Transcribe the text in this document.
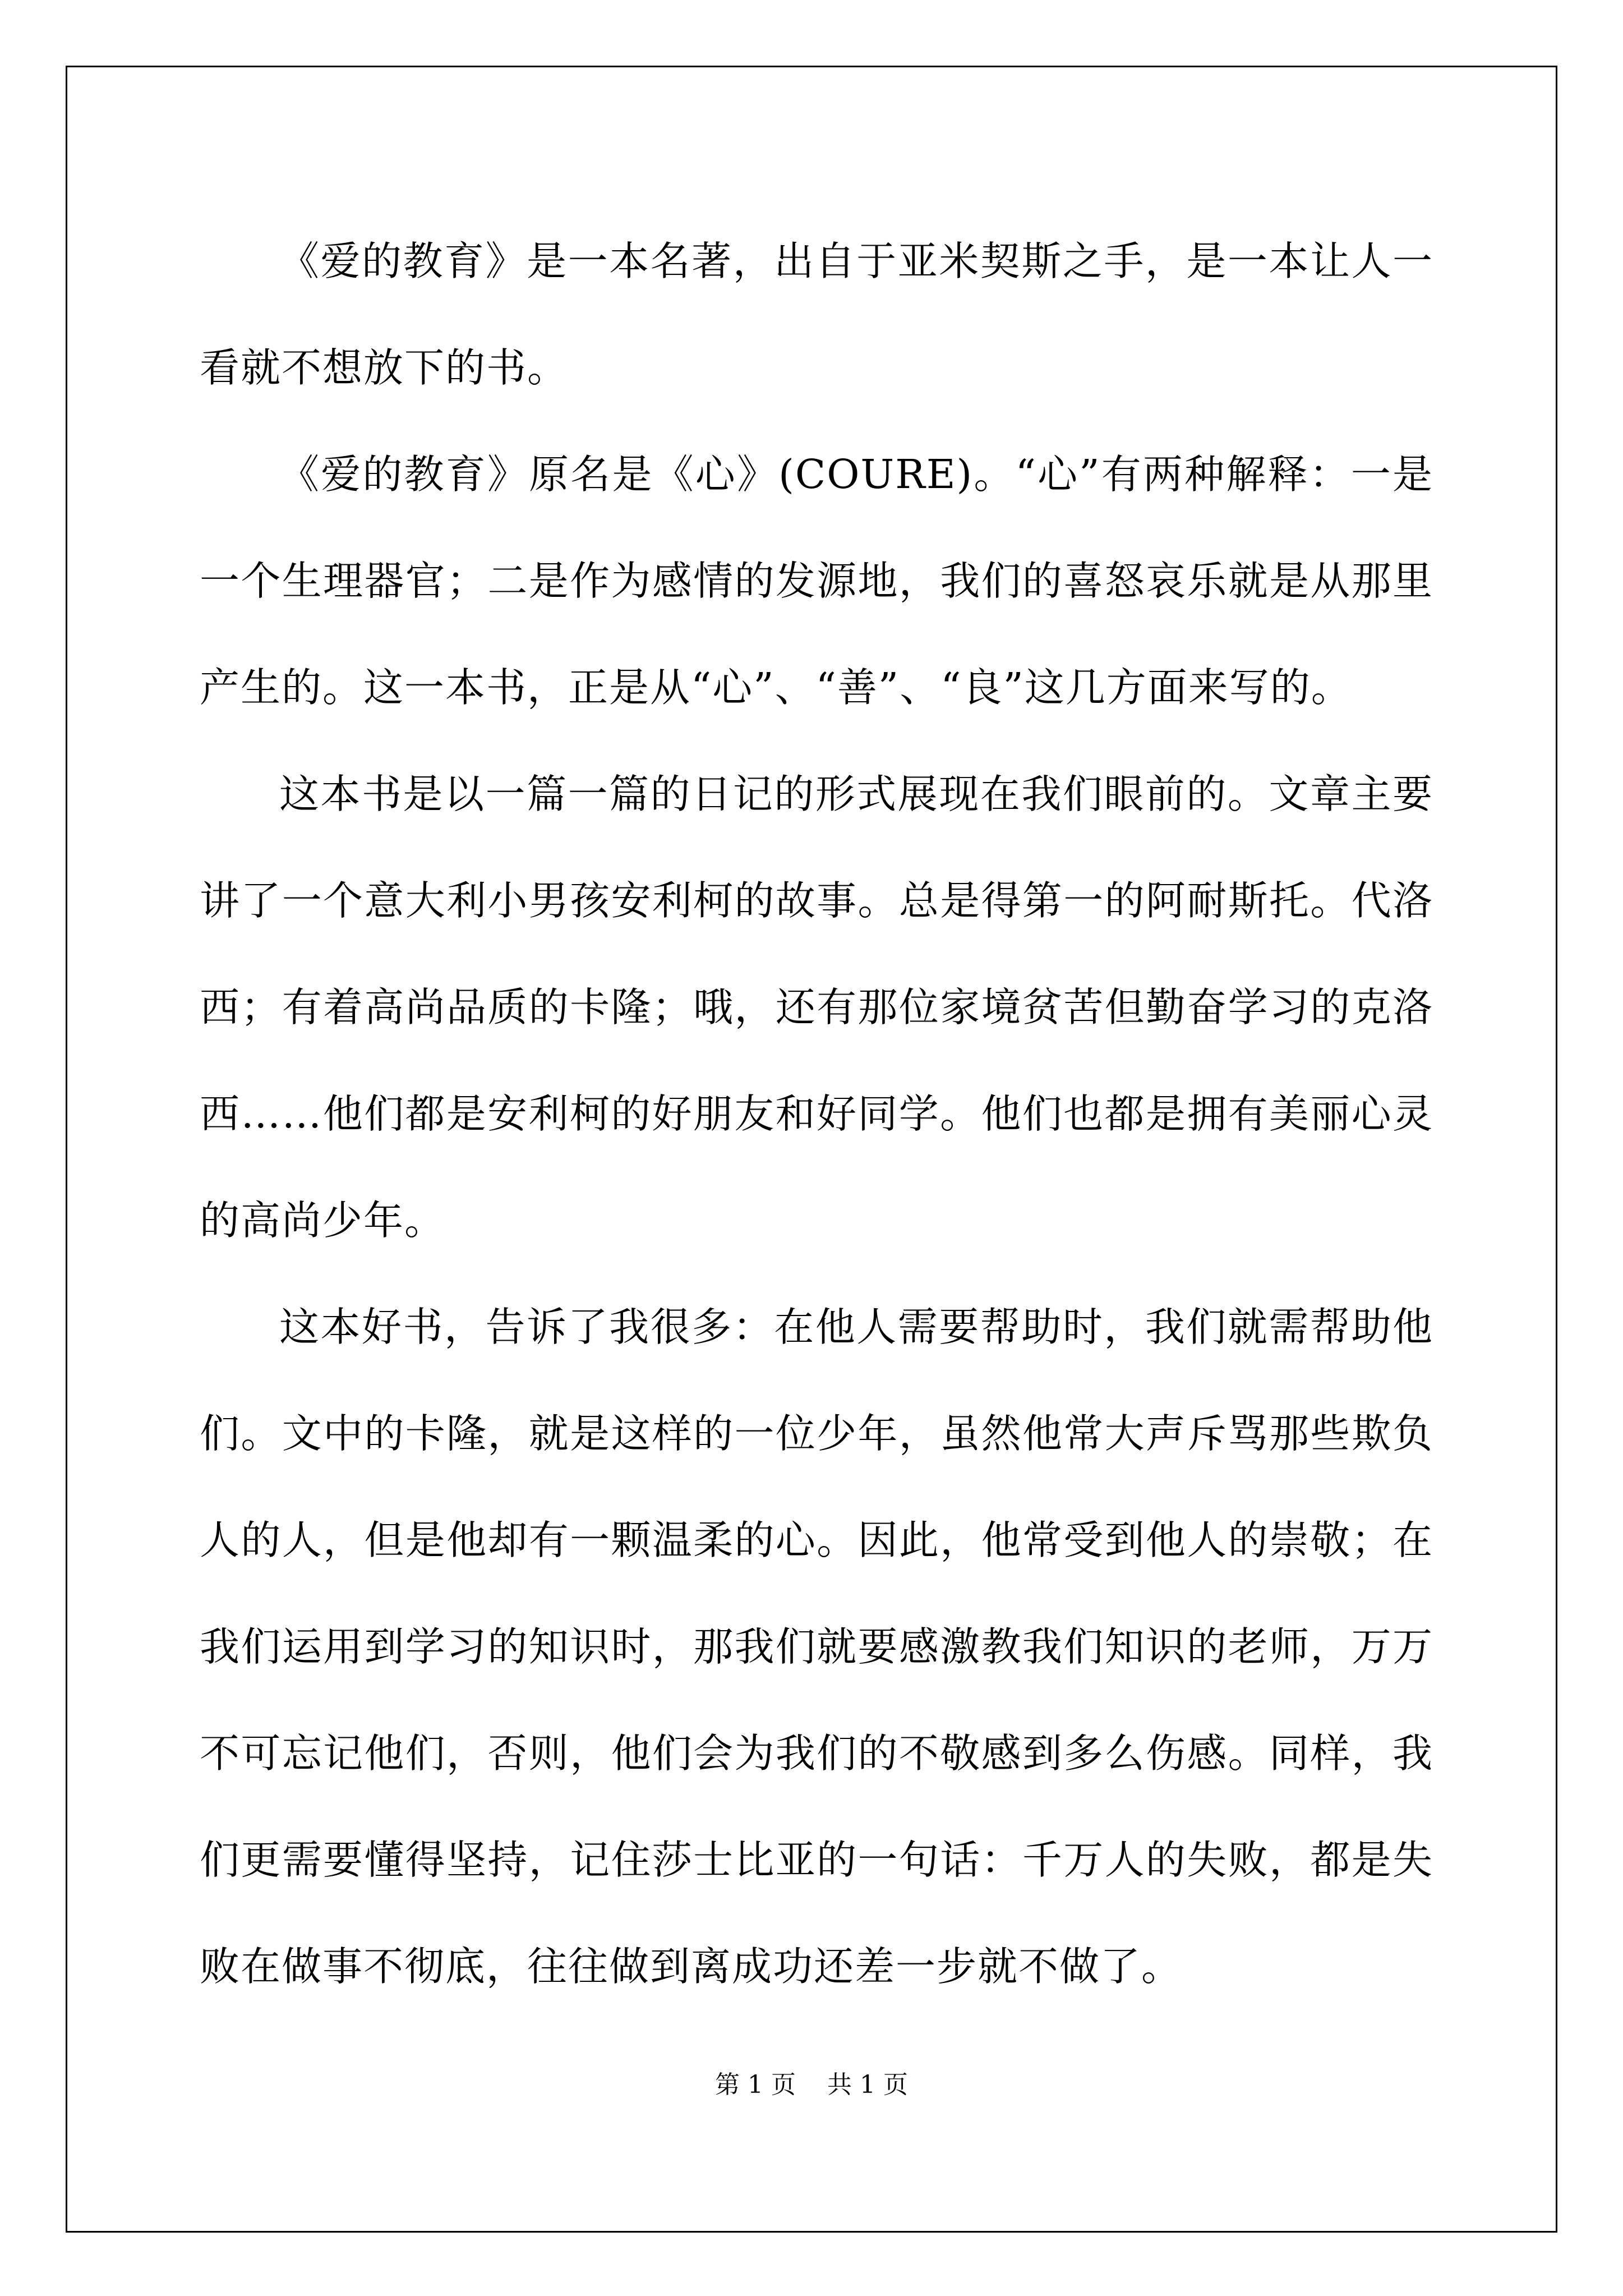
《爱的教育》是一本名著，出自于亚米契斯之手，是一本让人一看就不想放下的书。

《爱的教育》原名是《心》(COURE)。“心”有两种解释：一是一个生理器官；二是作为感情的发源地，我们的喜怒哀乐就是从那里产生的。这一本书，正是从“心”、“善”、“良”这几方面来写的。

这本书是以一篇一篇的日记的形式展现在我们眼前的。文章主要讲了一个意大利小男孩安利柯的故事。总是得第一的阿耐斯托。代洛西；有着高尚品质的卡隆；哦，还有那位家境贫苦但勤奋学习的克洛西……他们都是安利柯的好朋友和好同学。他们也都是拥有美丽心灵的高尚少年。

这本好书，告诉了我很多：在他人需要帮助时，我们就需帮助他们。文中的卡隆，就是这样的一位少年，虽然他常大声斥骂那些欺负人的人，但是他却有一颗温柔的心。因此，他常受到他人的崇敬；在我们运用到学习的知识时，那我们就要感激教我们知识的老师，万万不可忘记他们，否则，他们会为我们的不敬感到多么伤感。同样，我们更需要懂得坚持，记住莎士比亚的一句话：千万人的失败，都是失败在做事不彻底，往往做到离成功还差一步就不做了。

第 1 页 共 1 页
